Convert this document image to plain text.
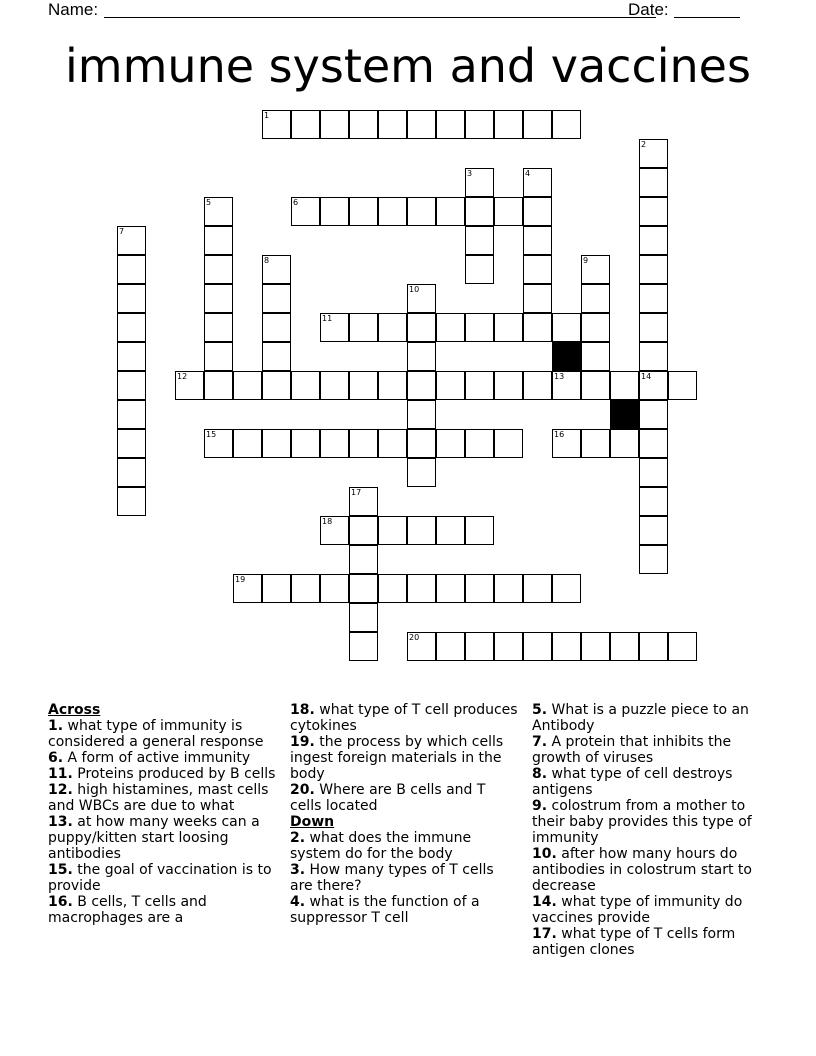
Name:	Date:
immune system and vaccines
1
2
3	4
5	6
7
8	9
10
11
12	13	14
15	16
17
18
19
20
Across
1. what type of immunity is considered a general response
6. A form of active immunity
11. Proteins produced by B cells
12. high histamines, mast cells and WBCs are due to what
13. at how many weeks can a puppy/kitten start loosing antibodies
15. the goal of vaccination is to provide
16. B cells, T cells and macrophages are a
18. what type of T cell produces cytokines
19. the process by which cells ingest foreign materials in the body
20. Where are B cells and T cells located
Down
2. what does the immune system do for the body
3. How many types of T cells are there?
4. what is the function of a suppressor T cell
5. What is a puzzle piece to an Antibody
7. A protein that inhibits the growth of viruses
8. what type of cell destroys antigens
9. colostrum from a mother to their baby provides this type of immunity
10. after how many hours do antibodies in colostrum start to decrease
14. what type of immunity do vaccines provide
17. what type of T cells form antigen clones
